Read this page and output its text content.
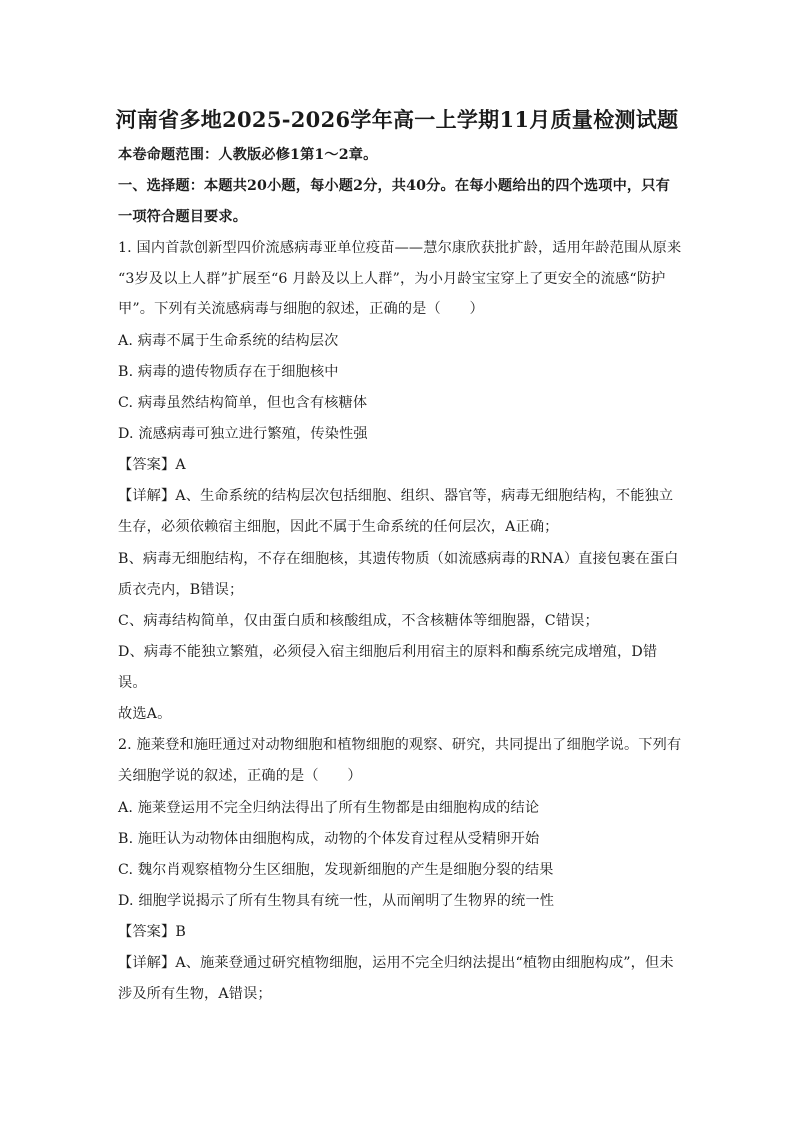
河南省多地2025-2026学年高一上学期11月质量检测试题
本卷命题范围：人教版必修1第1～2章。
一、选择题：本题共20小题，每小题2分，共40分。在每小题给出的四个选项中，只有
一项符合题目要求。
1. 国内首款创新型四价流感病毒亚单位疫苗——慧尔康欣获批扩龄，适用年龄范围从原来
“3岁及以上人群”扩展至“6 月龄及以上人群”，为小月龄宝宝穿上了更安全的流感“防护
甲”。下列有关流感病毒与细胞的叙述，正确的是（　　）
A. 病毒不属于生命系统的结构层次
B. 病毒的遗传物质存在于细胞核中
C. 病毒虽然结构简单，但也含有核糖体
D. 流感病毒可独立进行繁殖，传染性强
【答案】A
【详解】A、生命系统的结构层次包括细胞、组织、器官等，病毒无细胞结构，不能独立
生存，必须依赖宿主细胞，因此不属于生命系统的任何层次，A正确；
B、病毒无细胞结构，不存在细胞核，其遗传物质（如流感病毒的RNA）直接包裹在蛋白
质衣壳内，B错误；
C、病毒结构简单，仅由蛋白质和核酸组成，不含核糖体等细胞器，C错误；
D、病毒不能独立繁殖，必须侵入宿主细胞后利用宿主的原料和酶系统完成增殖，D错
误。
故选A。
2. 施莱登和施旺通过对动物细胞和植物细胞的观察、研究，共同提出了细胞学说。下列有
关细胞学说的叙述，正确的是（　　）
A. 施莱登运用不完全归纳法得出了所有生物都是由细胞构成的结论
B. 施旺认为动物体由细胞构成，动物的个体发育过程从受精卵开始
C. 魏尔肖观察植物分生区细胞，发现新细胞的产生是细胞分裂的结果
D. 细胞学说揭示了所有生物具有统一性，从而阐明了生物界的统一性
【答案】B
【详解】A、施莱登通过研究植物细胞，运用不完全归纳法提出“植物由细胞构成”，但未
涉及所有生物，A错误；
